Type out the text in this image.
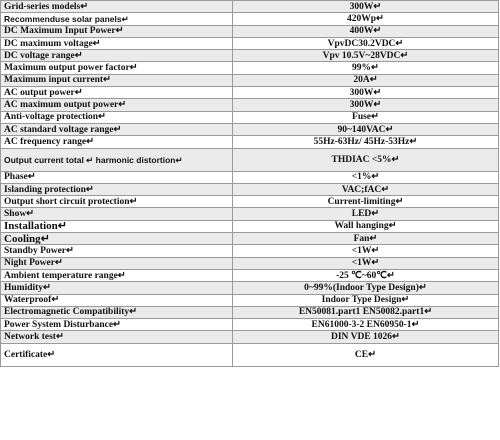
Grid-series models↵	300W↵
Recommenduse solar panels↵	420Wp↵
DC Maximum Input Power↵	400W↵
DC maximum voltage↵	VpvDC30.2VDC↵
DC voltage range↵	Vpv 10.5V~28VDC↵
Maximum output power factor↵	99%↵
Maximum input current↵	20A↵
AC output power↵	300W↵
AC maximum output power↵	300W↵
Anti-voltage protection↵	Fuse↵
AC standard voltage range↵	90~140VAC↵
AC frequency range↵	55Hz-63Hz/ 45Hz-53Hz↵
Output current total ↵ harmonic distortion↵	THDIAC <5%↵
Phase↵	<1%↵
Islanding protection↵	VAC;fAC↵
Output short circuit protection↵	Current-limiting↵
Show↵	LED↵
Installation↵	Wall hanging↵
Cooling↵	Fan↵
Standby Power↵	<1W↵
Night Power↵	<1W↵
Ambient temperature range↵	-25 ℃~60℃↵
Humidity↵	0~99%(Indoor Type Design)↵
Waterproof↵	Indoor Type Design↵
Electromagnetic Compatibility↵	EN50081.part1 EN50082.part1↵
Power System Disturbance↵	EN61000-3-2 EN60950-1↵
Network test↵	DIN VDE 1026↵
Certificate↵	CE↵
